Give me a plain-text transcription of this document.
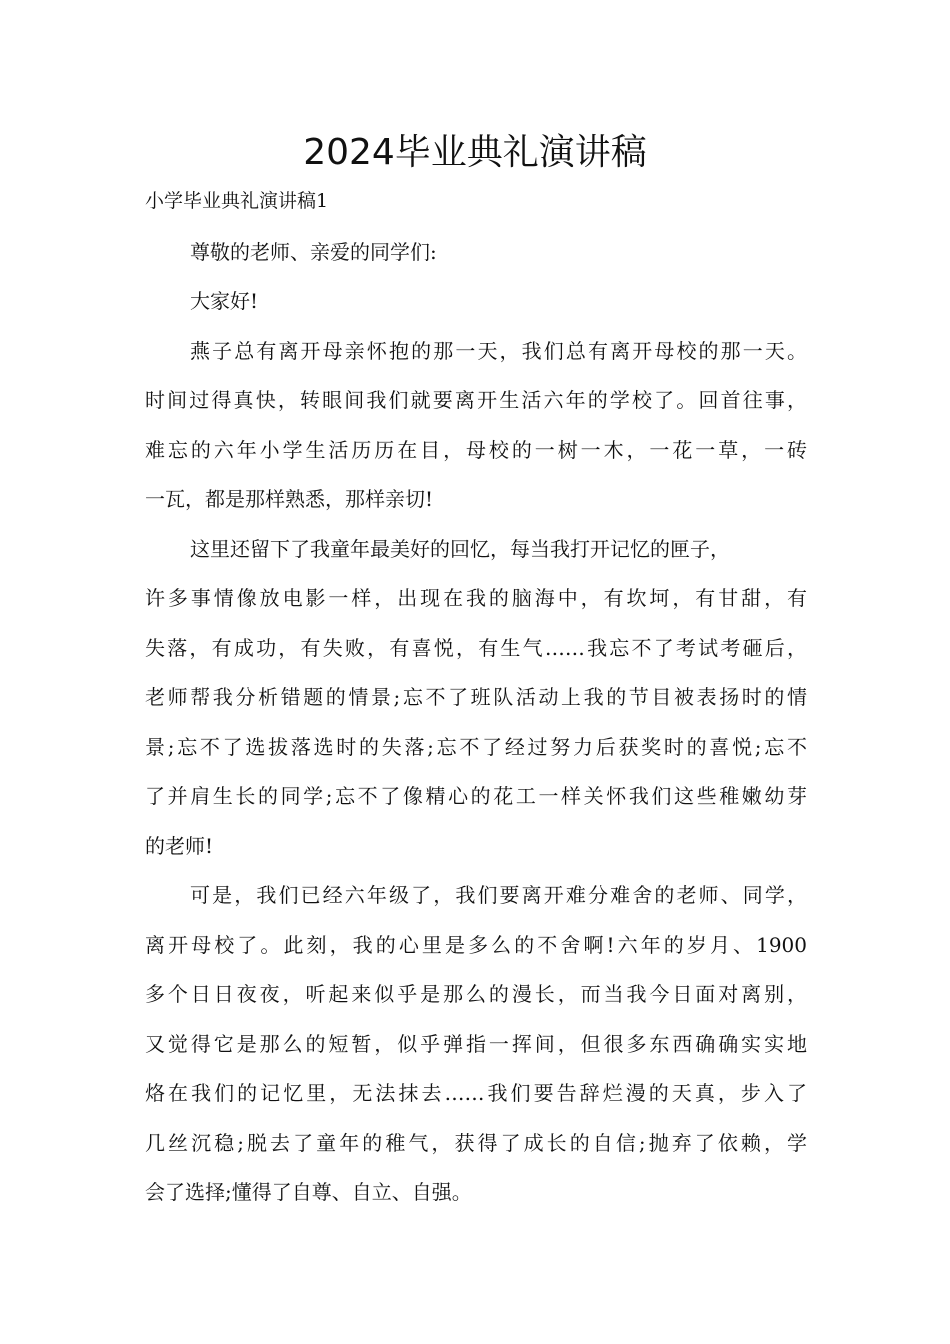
2024毕业典礼演讲稿

小学毕业典礼演讲稿1

尊敬的老师、亲爱的同学们:

大家好!

燕子总有离开母亲怀抱的那一天，我们总有离开母校的那一天。

时间过得真快，转眼间我们就要离开生活六年的学校了。回首往事，

难忘的六年小学生活历历在目，母校的一树一木，一花一草，一砖

一瓦，都是那样熟悉，那样亲切!

这里还留下了我童年最美好的回忆，每当我打开记忆的匣子，

许多事情像放电影一样，出现在我的脑海中，有坎坷，有甘甜，有

失落，有成功，有失败，有喜悦，有生气……我忘不了考试考砸后，

老师帮我分析错题的情景;忘不了班队活动上我的节目被表扬时的情

景;忘不了选拔落选时的失落;忘不了经过努力后获奖时的喜悦;忘不

了并肩生长的同学;忘不了像精心的花工一样关怀我们这些稚嫩幼芽

的老师!

可是，我们已经六年级了，我们要离开难分难舍的老师、同学，

离开母校了。此刻，我的心里是多么的不舍啊!六年的岁月、1900

多个日日夜夜，听起来似乎是那么的漫长，而当我今日面对离别，

又觉得它是那么的短暂，似乎弹指一挥间，但很多东西确确实实地

烙在我们的记忆里，无法抹去……我们要告辞烂漫的天真，步入了

几丝沉稳;脱去了童年的稚气，获得了成长的自信;抛弃了依赖，学

会了选择;懂得了自尊、自立、自强。
